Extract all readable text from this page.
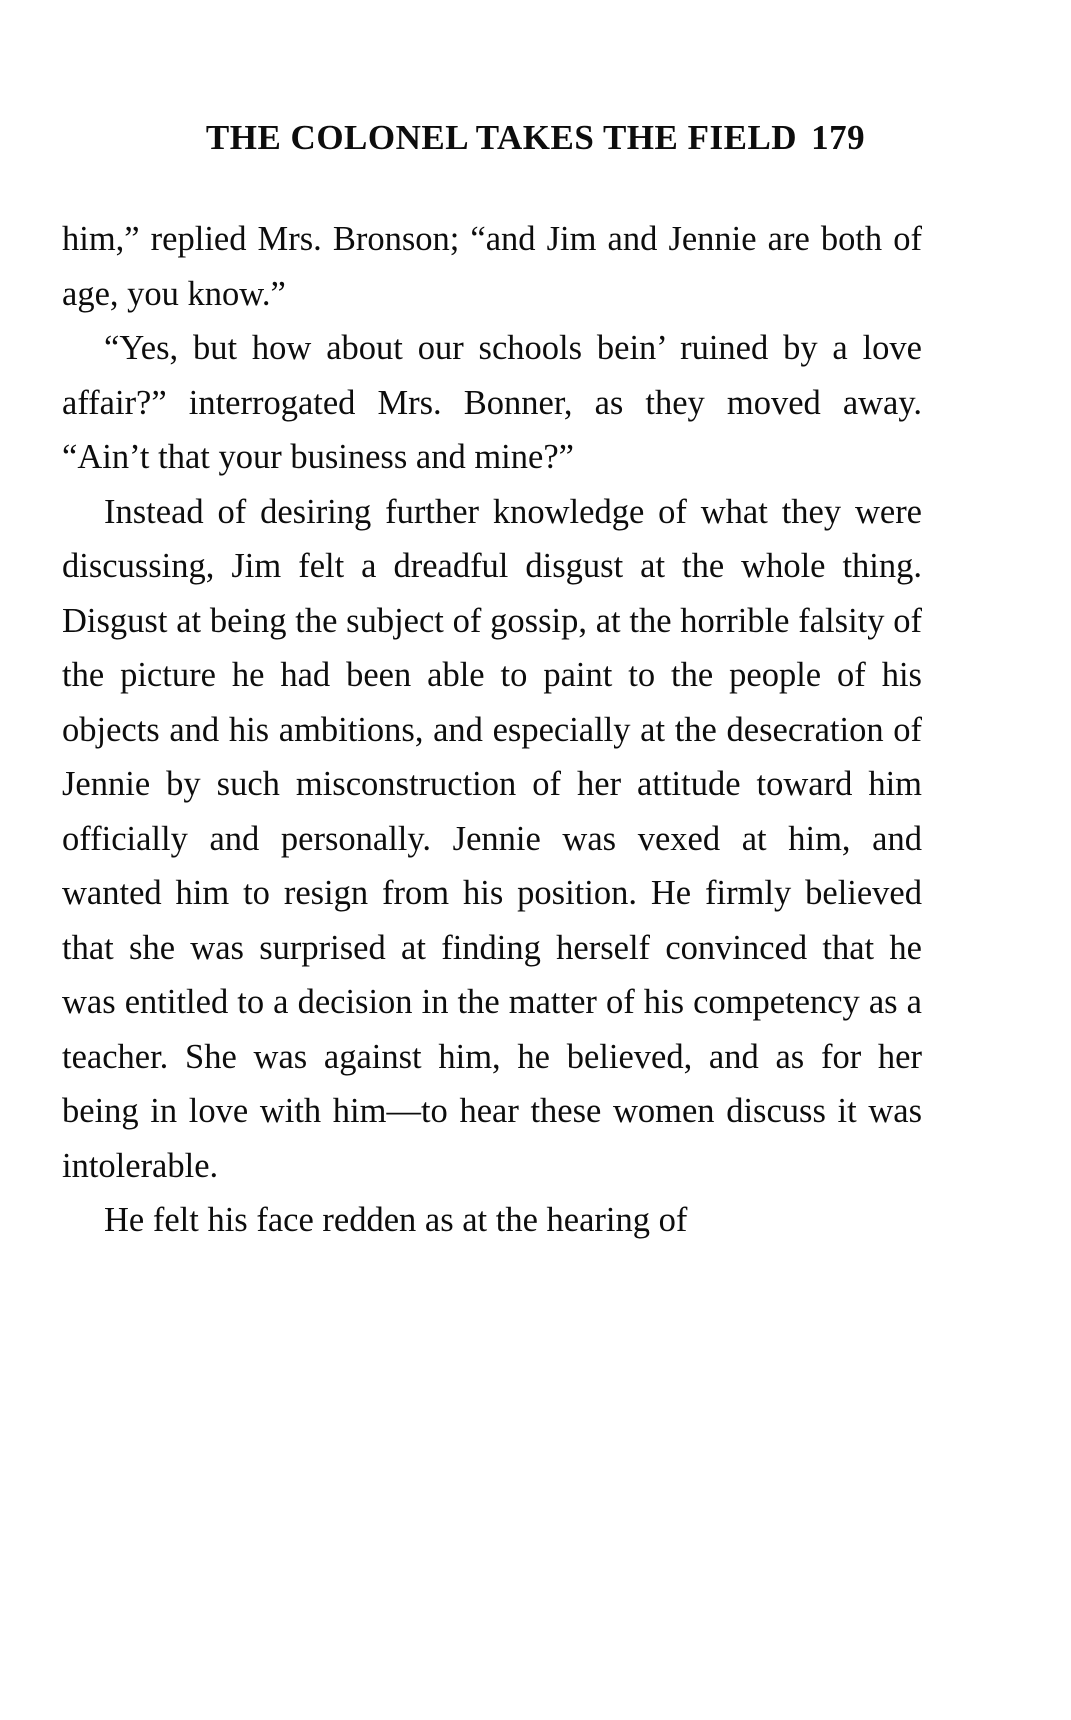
THE COLONEL TAKES THE FIELD 179

him,” replied Mrs. Bronson; “and Jim and Jennie are both of age, you know.”

“Yes, but how about our schools bein’ ruined by a love affair?” interrogated Mrs. Bonner, as they moved away. “Ain’t that your business and mine?”

Instead of desiring further knowledge of what they were discussing, Jim felt a dreadful disgust at the whole thing. Disgust at being the subject of gossip, at the horrible falsity of the picture he had been able to paint to the people of his objects and his ambitions, and especially at the desecration of Jennie by such misconstruction of her attitude toward him officially and personally. Jennie was vexed at him, and wanted him to resign from his position. He firmly believed that she was surprised at finding herself convinced that he was entitled to a decision in the matter of his competency as a teacher. She was against him, he believed, and as for her being in love with him—to hear these women discuss it was intolerable.

He felt his face redden as at the hearing of
